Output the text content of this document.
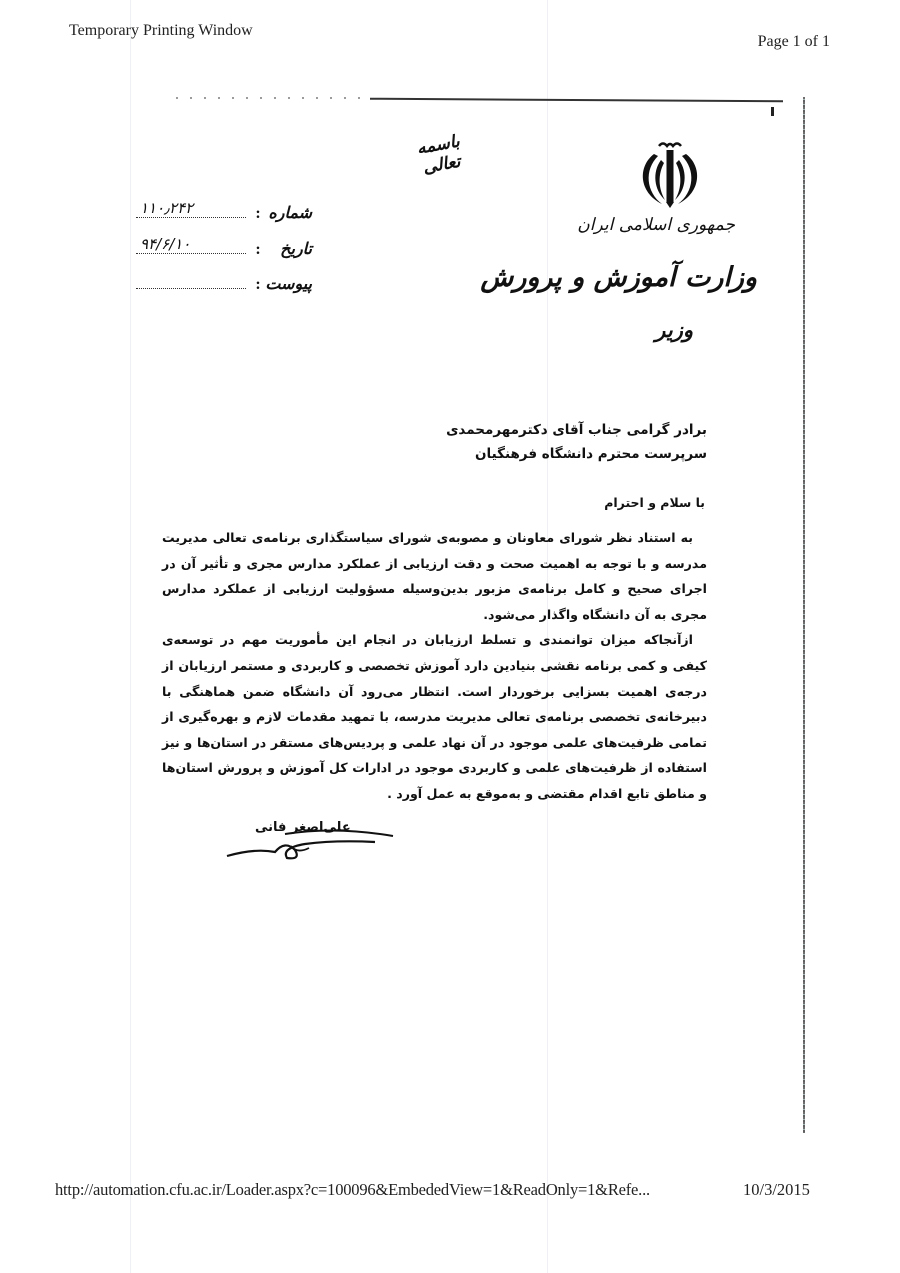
Temporary Printing Window
Page 1 of 1
جمهوری اسلامی ایران
وزارت آموزش و پرورش
وزیر
باسمه تعالی
شماره
:
۱۱۰٫۲۴۲
تاریخ
:
۹۴/۶/۱۰
پیوست
:
برادر گرامی جناب آقای دکترمهرمحمدی
سرپرست محترم دانشگاه فرهنگیان
با سلام و احترام

به استناد نظر شورای معاونان و مصوبه‌ی شورای سیاستگذاری برنامه‌ی تعالی مدیریت مدرسه و با توجه به اهمیت صحت و دقت ارزیابی از عملکرد مدارس مجری و تأثیر آن در اجرای صحیح و کامل برنامه‌ی مزبور بدین‌وسیله مسؤولیت ارزیابی از عملکرد مدارس مجری به آن دانشگاه واگذار می‌شود.

ازآنجاکه میزان توانمندی و تسلط ارزیابان در انجام این مأموریت مهم در توسعه‌ی کیفی و کمی برنامه نقشی بنیادین دارد آموزش تخصصی و کاربردی و مستمر ارزیابان از درجه‌ی اهمیت بسزایی برخوردار است. انتظار می‌رود آن دانشگاه ضمن هماهنگی با دبیرخانه‌ی تخصصی برنامه‌ی تعالی مدیریت مدرسه، با تمهید مقدمات لازم و بهره‌گیری از تمامی ظرفیت‌های علمی موجود در آن نهاد علمی و پردیس‌های مستقر در استان‌ها و نیز استفاده از ظرفیت‌های علمی و کاربردی موجود در ادارات کل آموزش و پرورش استان‌ها و مناطق تابع اقدام مقتضی و به‌موقع به عمل آورد .

علی‌اصغر فانی
http://automation.cfu.ac.ir/Loader.aspx?c=100096&EmbededView=1&ReadOnly=1&Refe...	10/3/2015
